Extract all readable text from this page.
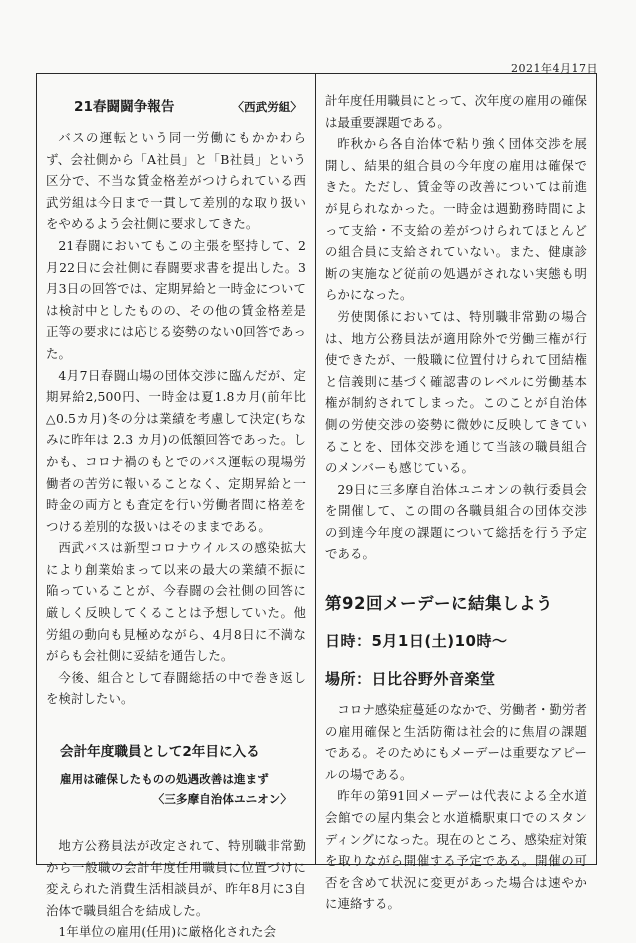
2021年4月17日
21春闘闘争報告	〈西武労組〉

バスの運転という同一労働にもかかわらず、会社側から「A社員」と「B社員」という区分で、不当な賃金格差がつけられている西武労組は今日まで一貫して差別的な取り扱いをやめるよう会社側に要求してきた。

21春闘においてもこの主張を堅持して、2月22日に会社側に春闘要求書を提出した。3月3日の回答では、定期昇給と一時金については検討中としたものの、その他の賃金格差是正等の要求には応じる姿勢のない0回答であった。

4月7日春闘山場の団体交渉に臨んだが、定期昇給2,500円、一時金は夏1.8カ月(前年比△0.5カ月)冬の分は業績を考慮して決定(ちなみに昨年は 2.3 カ月)の低額回答であった。しかも、コロナ禍のもとでのバス運転の現場労働者の苦労に報いることなく、定期昇給と一時金の両方とも査定を行い労働者間に格差をつける差別的な扱いはそのままである。

西武バスは新型コロナウイルスの感染拡大により創業始まって以来の最大の業績不振に陥っていることが、今春闘の会社側の回答に厳しく反映してくることは予想していた。他労組の動向も見極めながら、4月8日に不満ながらも会社側に妥結を通告した。

今後、組合として春闘総括の中で巻き返しを検討したい。

会計年度職員として2年目に入る

雇用は確保したものの処遇改善は進まず

〈三多摩自治体ユニオン〉

地方公務員法が改定されて、特別職非常勤から一般職の会計年度任用職員に位置づけに変えられた消費生活相談員が、昨年8月に3自治体で職員組合を結成した。

1年単位の雇用(任用)に厳格化された会

計年度任用職員にとって、次年度の雇用の確保は最重要課題である。

昨秋から各自治体で粘り強く団体交渉を展開し、結果的組合員の今年度の雇用は確保できた。ただし、賃金等の改善については前進が見られなかった。一時金は週勤務時間によって支給・不支給の差がつけられてほとんどの組合員に支給されていない。また、健康診断の実施など従前の処遇がされない実態も明らかになった。

労使関係においては、特別職非常勤の場合は、地方公務員法が適用除外で労働三権が行使できたが、一般職に位置付けられて団結権と信義則に基づく確認書のレベルに労働基本権が制約されてしまった。このことが自治体側の労使交渉の姿勢に微妙に反映してきていることを、団体交渉を通じて当該の職員組合のメンバーも感じている。

29日に三多摩自治体ユニオンの執行委員会を開催して、この間の各職員組合の団体交渉の到達今年度の課題について総括を行う予定である。

第92回メーデーに結集しよう

日時：5月1日(土)10時～

場所：日比谷野外音楽堂

コロナ感染症蔓延のなかで、労働者・勤労者の雇用確保と生活防衛は社会的に焦眉の課題である。そのためにもメーデーは重要なアピールの場である。

昨年の第91回メーデーは代表による全水道会館での屋内集会と水道橋駅東口でのスタンディングになった。現在のところ、感染症対策を取りながら開催する予定である。開催の可否を含めて状況に変更があった場合は速やかに連絡する。
